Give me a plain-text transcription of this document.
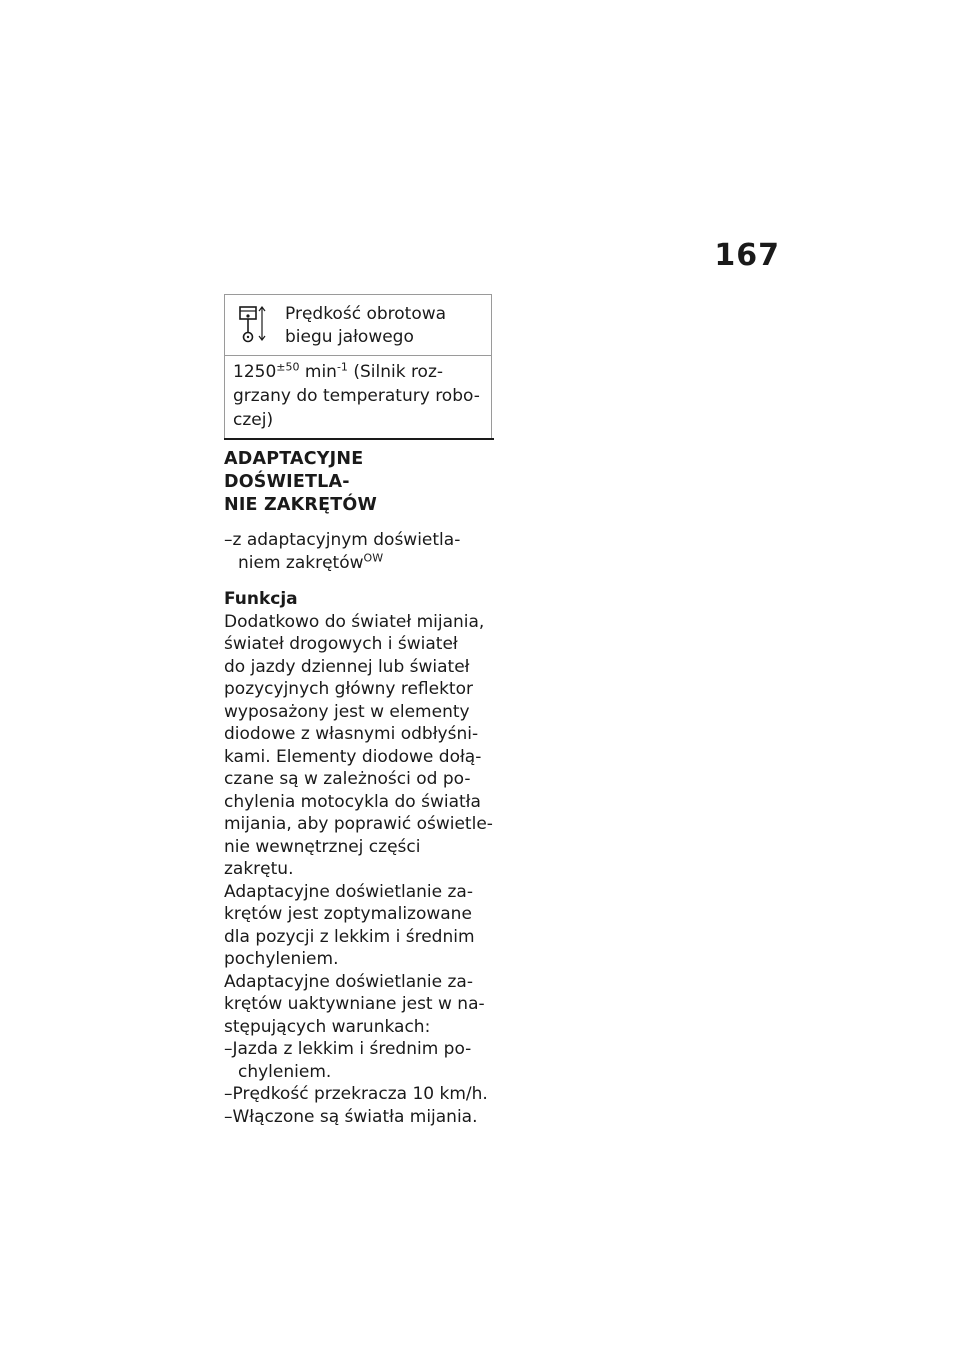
167
Prędkość obrotowa
biegu jałowego
$1250^{\pm 50}$ $\min^{-1}$ (Silnik roz-
grzany do temperatury robo-
czej)
ADAPTACYJNE DOŚWIETLA-
NIE ZAKRĘTÓW

–z adaptacyjnym doświetla-
niem zakrętów$^{OW}$

Funkcja

Dodatkowo do świateł mijania,
świateł drogowych i świateł
do jazdy dziennej lub świateł
pozycyjnych główny reflektor
wyposażony jest w elementy
diodowe z własnymi odbłyśni-
kami. Elementy diodowe dołą-
czane są w zależności od po-
chylenia motocykla do światła
mijania, aby poprawić oświetle-
nie wewnętrznej części zakrętu.
Adaptacyjne doświetlanie za-
krętów jest zoptymalizowane
dla pozycji z lekkim i średnim
pochyleniem.
Adaptacyjne doświetlanie za-
krętów uaktywniane jest w na-
stępujących warunkach:
–Jazda z lekkim i średnim po-
chyleniem.
–Prędkość przekracza 10 km/h.
–Włączone są światła mijania.
